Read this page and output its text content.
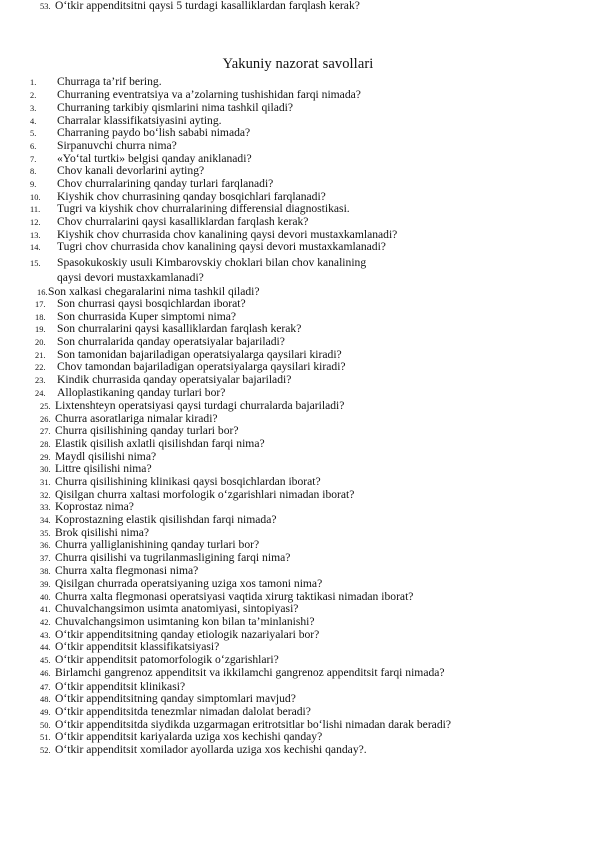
Yakuniy nazorat savollari
1. Churraga ta’rif bering.
2. Churraning eventratsiya va a’zolarning tushishidan farqi nimada?
3. Churraning tarkibiy qismlarini nima tashkil qiladi?
4. Charralar klassifikatsiyasini ayting.
5. Charraning paydo bo‘lish sababi nimada?
6. Sirpanuvchi churra nima?
7. «Yo‘tal turtki» belgisi qanday aniklanadi?
8. Chov kanali devorlarini ayting?
9. Chov churralarining qanday turlari farqlanadi?
10. Kiyshik chov churrasining qanday bosqichlari farqlanadi?
11. Tugri va kiyshik chov churralarining differensial diagnostikasi.
12. Chov churralarini qaysi kasalliklardan farqlash kerak?
13. Kiyshik chov churrasida chov kanalining qaysi devori mustaxkamlanadi?
14. Tugri chov churrasida chov kanalining qaysi devori mustaxkamlanadi?
15. Spasokukoskiy usuli Kimbarovskiy choklari bilan chov kanalining
qaysi devori mustaxkamlanadi?
16. Son xalkasi chegaralarini nima tashkil qiladi?
17. Son churrasi qaysi bosqichlardan iborat?
18. Son churrasida Kuper simptomi nima?
19. Son churralarini qaysi kasalliklardan farqlash kerak?
20. Son churralarida qanday operatsiyalar bajariladi?
21. Son tamonidan bajariladigan operatsiyalarga qaysilari kiradi?
22. Chov tamondan bajariladigan operatsiyalarga qaysilari kiradi?
23. Kindik churrasida qanday operatsiyalar bajariladi?
24. Alloplastikaning qanday turlari bor?
25. Lixtenshteyn operatsiyasi qaysi turdagi churralarda bajariladi?
26. Churra asoratlariga nimalar kiradi?
27. Churra qisilishining qanday turlari bor?
28. Elastik qisilish axlatli qisilishdan farqi nima?
29. Maydl qisilishi nima?
30. Littre qisilishi nima?
31. Churra qisilishining klinikasi qaysi bosqichlardan iborat?
32. Qisilgan churra xaltasi morfologik o‘zgarishlari nimadan iborat?
33. Koprostaz nima?
34. Koprostazning elastik qisilishdan farqi nimada?
35. Brok qisilishi nima?
36. Churra yalliglanishining qanday turlari bor?
37. Churra qisilishi va tugrilanmasligining farqi nima?
38. Churra xalta flegmonasi nima?
39. Qisilgan churrada operatsiyaning uziga xos tamoni nima?
40. Churra xalta flegmonasi operatsiyasi vaqtida xirurg taktikasi nimadan iborat?
41. Chuvalchangsimon usimta anatomiyasi, sintopiyasi?
42. Chuvalchangsimon usimtaning kon bilan ta’minlanishi?
43. O‘tkir appenditsitning qanday etiologik nazariyalari bor?
44. O‘tkir appenditsit klassifikatsiyasi?
45. O‘tkir appenditsit patomorfologik o‘zgarishlari?
46. Birlamchi gangrenoz appenditsit va ikkilamchi gangrenoz appenditsit farqi nimada?
47. O‘tkir appenditsit klinikasi?
48. O‘tkir appenditsitning qanday simptomlari mavjud?
49. O‘tkir appenditsitda tenezmlar nimadan dalolat beradi?
50. O‘tkir appenditsitda siydikda uzgarmagan eritrotsitlar bo‘lishi nimadan darak beradi?
51. O‘tkir appenditsit kariyalarda uziga xos kechishi qanday?
52. O‘tkir appenditsit xomilador ayollarda uziga xos kechishi qanday?.
53. O‘tkir appenditsitni qaysi 5 turdagi kasalliklardan farqlash kerak?
